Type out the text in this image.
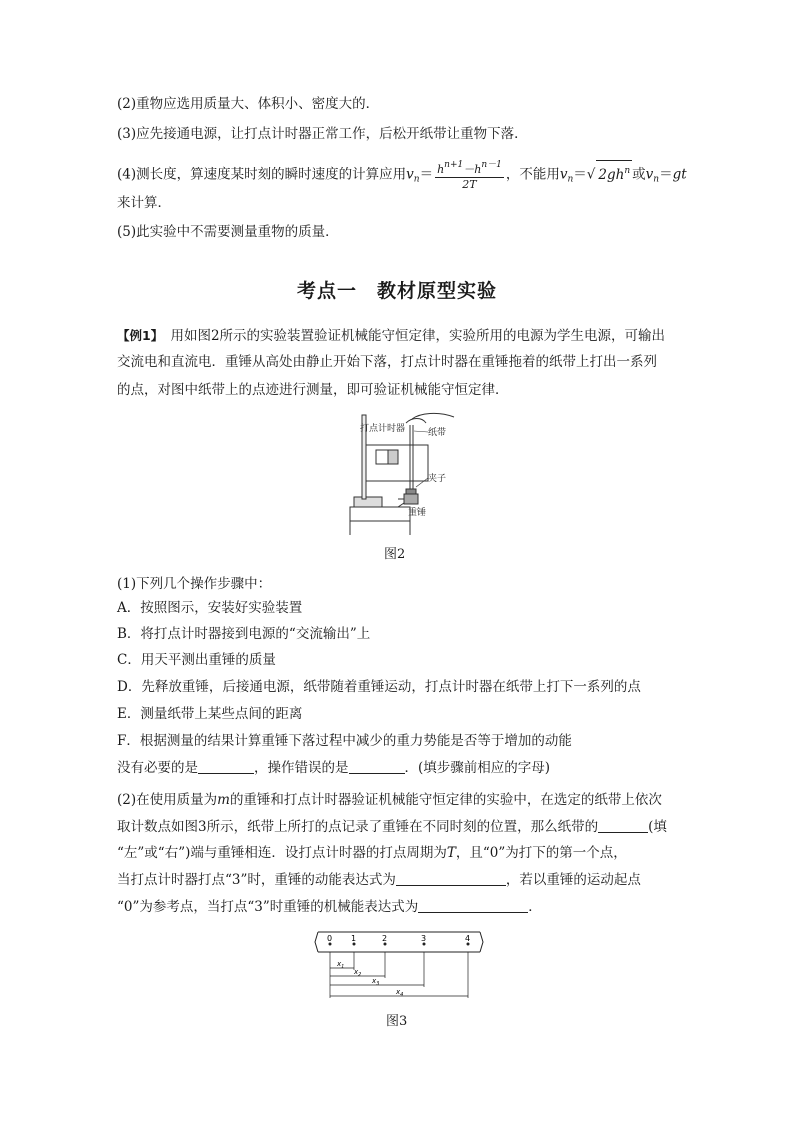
(2)重物应选用质量大、体积小、密度大的．
(3)应先接通电源，让打点计时器正常工作，后松开纸带让重物下落．
(4)测长度，算速度某时刻的瞬时速度的计算应用$v_n= \frac{h^{n+1}-h^{n-1}}{2T}$ ，不能用$v_n=√$ $2gh^n$ 或$v_n=gt$
来计算．
(5)此实验中不需要测量重物的质量．
考点一　教材原型实验
【例1】　 用如图2所示的实验装置验证机械能守恒定律，实验所用的电源为学生电源，可输出
交流电和直流电．重锤从高处由静止开始下落，打点计时器在重锤拖着的纸带上打出一系列
的点，对图中纸带上的点迹进行测量，即可验证机械能守恒定律．
打点计时器	纸带
夹子
重锤
图2
(1)下列几个操作步骤中：
A．按照图示，安装好实验装置
B．将打点计时器接到电源的“交流输出”上
C．用天平测出重锤的质量
D．先释放重锤，后接通电源，纸带随着重锤运动，打点计时器在纸带上打下一系列的点
E．测量纸带上某些点间的距离
F．根据测量的结果计算重锤下落过程中减少的重力势能是否等于增加的动能
没有必要的是	，操作错误的是	．(填步骤前相应的字母)
(2)在使用质量为m的重锤和打点计时器验证机械能守恒定律的实验中，在选定的纸带上依次
取计数点如图3所示，纸带上所打的点记录了重锤在不同时刻的位置，那么纸带的	(填
“左”或“右”)端与重锤相连．设打点计时器的打点周期为T，且“0”为打下的第一个点，
当打点计时器打点“3”时，重锤的动能表达式为	，若以重锤的运动起点
“0”为参考点，当打点“3”时重锤的机械能表达式为	．
0 1	2	3	4
$x_1$
$x_2$
$x_3$
$x_4$
图3
